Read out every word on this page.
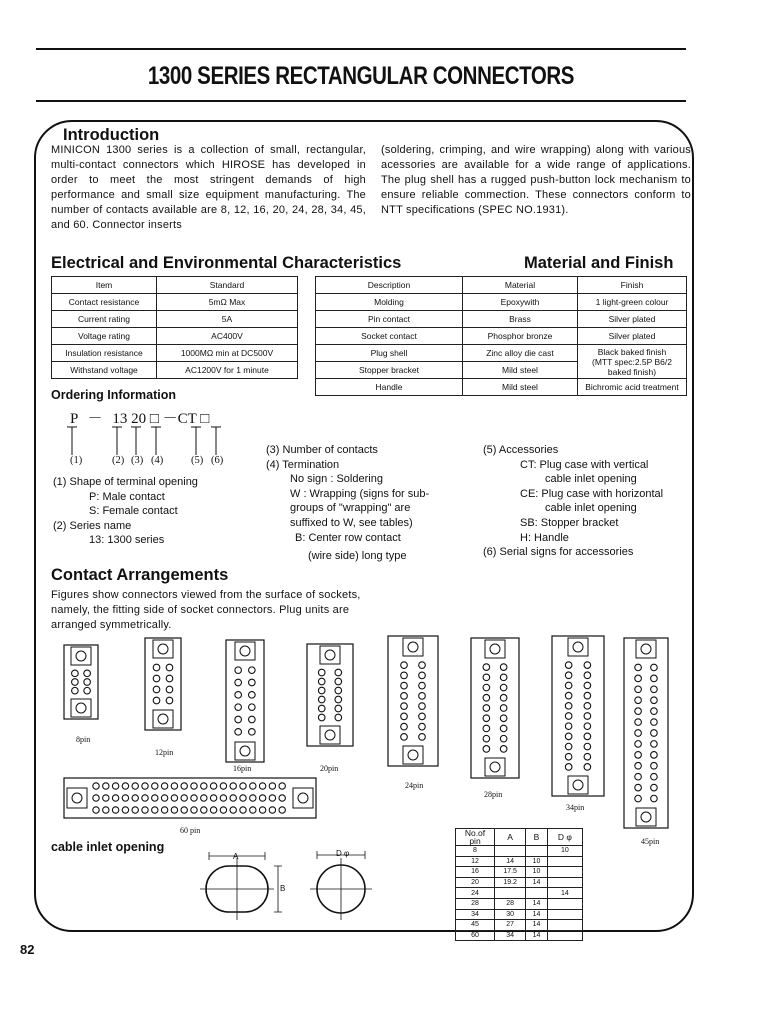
1300 SERIES RECTANGULAR CONNECTORS
Introduction
MINICON 1300 series is a collection of small, rectangular, multi-contact connectors which HIROSE has developed in order to meet the most stringent demands of high performance and small size equipment manufacturing. The number of contacts available are 8, 12, 16, 20, 24, 28, 34, 45, and 60. Connector inserts
(soldering, crimping, and wire wrapping) along with various acessories are available for a wide range of applications. The plug shell has a rugged push-button lock mechanism to ensure reliable commection. These connectors conform to NTT specifications (SPEC NO.1931).
Electrical and Environmental Characteristics
Item	Standard
Contact resistance	5mΩ Max
Current rating	5A
Voltage rating	AC400V
Insulation resistance	1000MΩ min at DC500V
Withstand voltage	AC1200V for 1 minute
Material and Finish
Description	Material	Finish
Molding	Epoxywith	1 light-green colour
Pin contact	Brass	Silver plated
Socket contact	Phosphor bronze	Silver plated
Plug shell	Zinc alloy die cast	Black baked finish
(MTT spec:2.5P B6/2 baked finish)
Stopper bracket	Mild steel	
Handle	Mild steel	Bichromic acid treatment
Ordering Information
P － 13 20 □ －CT □
(1)	(2) (3) (4)	(5) (6)
(1) Shape of terminal opening
P: Male contact
S: Female contact
(2) Series name
13: 1300 series
(3) Number of contacts
(4) Termination
No sign : Soldering
W : Wrapping (signs for sub-
groups of "wrapping" are
suffixed to W, see tables)
B: Center row contact
(wire side) long type
(5) Accessories
CT: Plug case with vertical
cable inlet opening
CE: Plug case with horizontal
cable inlet opening
SB: Stopper bracket
H: Handle
(6) Serial signs for accessories
Contact Arrangements
Figures show connectors viewed from the surface of sockets, namely, the fitting side of socket connectors. Plug units are arranged symmetrically.
8pin
12pin
16pin	20pin
24pin
28pin
34pin
45pin
60 pin
cable inlet opening
A
B
D φ
No.of pin	A	B	D φ
8			10
12	14	10	
16	17.5	10	
20	19.2	14	
24			14
28	28	14	
34	30	14	
45	27	14	
60	34	14	
82
